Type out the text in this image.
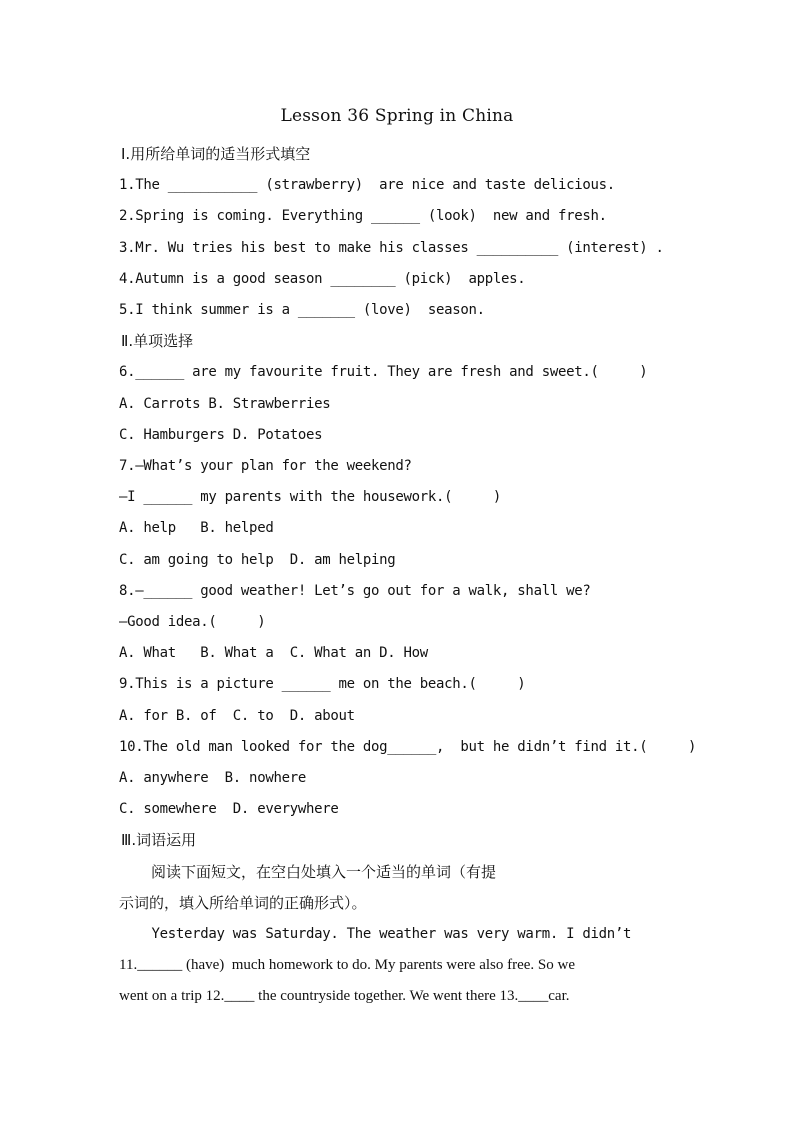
Lesson 36 Spring in China
Ⅰ.用所给单词的适当形式填空
1.The ___________ (strawberry)  are nice and taste delicious.
2.Spring is coming. Everything ______ (look)  new and fresh.
3.Mr. Wu tries his best to make his classes __________ (interest) .
4.Autumn is a good season ________ (pick)  apples.
5.I think summer is a _______ (love)  season.
Ⅱ.单项选择
6.______ are my favourite fruit. They are fresh and sweet.(     )
A. Carrots B. Strawberries
C. Hamburgers D. Potatoes
7.—What’s your plan for the weekend?
—I ______ my parents with the housework.(     )
A. help   B. helped
C. am going to help  D. am helping
8.—______ good weather! Let’s go out for a walk, shall we?
—Good idea.(     )
A. What   B. What a  C. What an D. How
9.This is a picture ______ me on the beach.(     )
A. for B. of  C. to  D. about
10.The old man looked for the dog______,  but he didn’t find it.(     )
A. anywhere  B. nowhere
C. somewhere  D. everywhere
Ⅲ.词语运用
阅读下面短文，在空白处填入一个适当的单词（有提
示词的，填入所给单词的正确形式）。
Yesterday was Saturday. The weather was very warm. I didn’t
11.______ (have)  much homework to do. My parents were also free. So we
went on a trip 12.____ the countryside together. We went there 13.____car.
